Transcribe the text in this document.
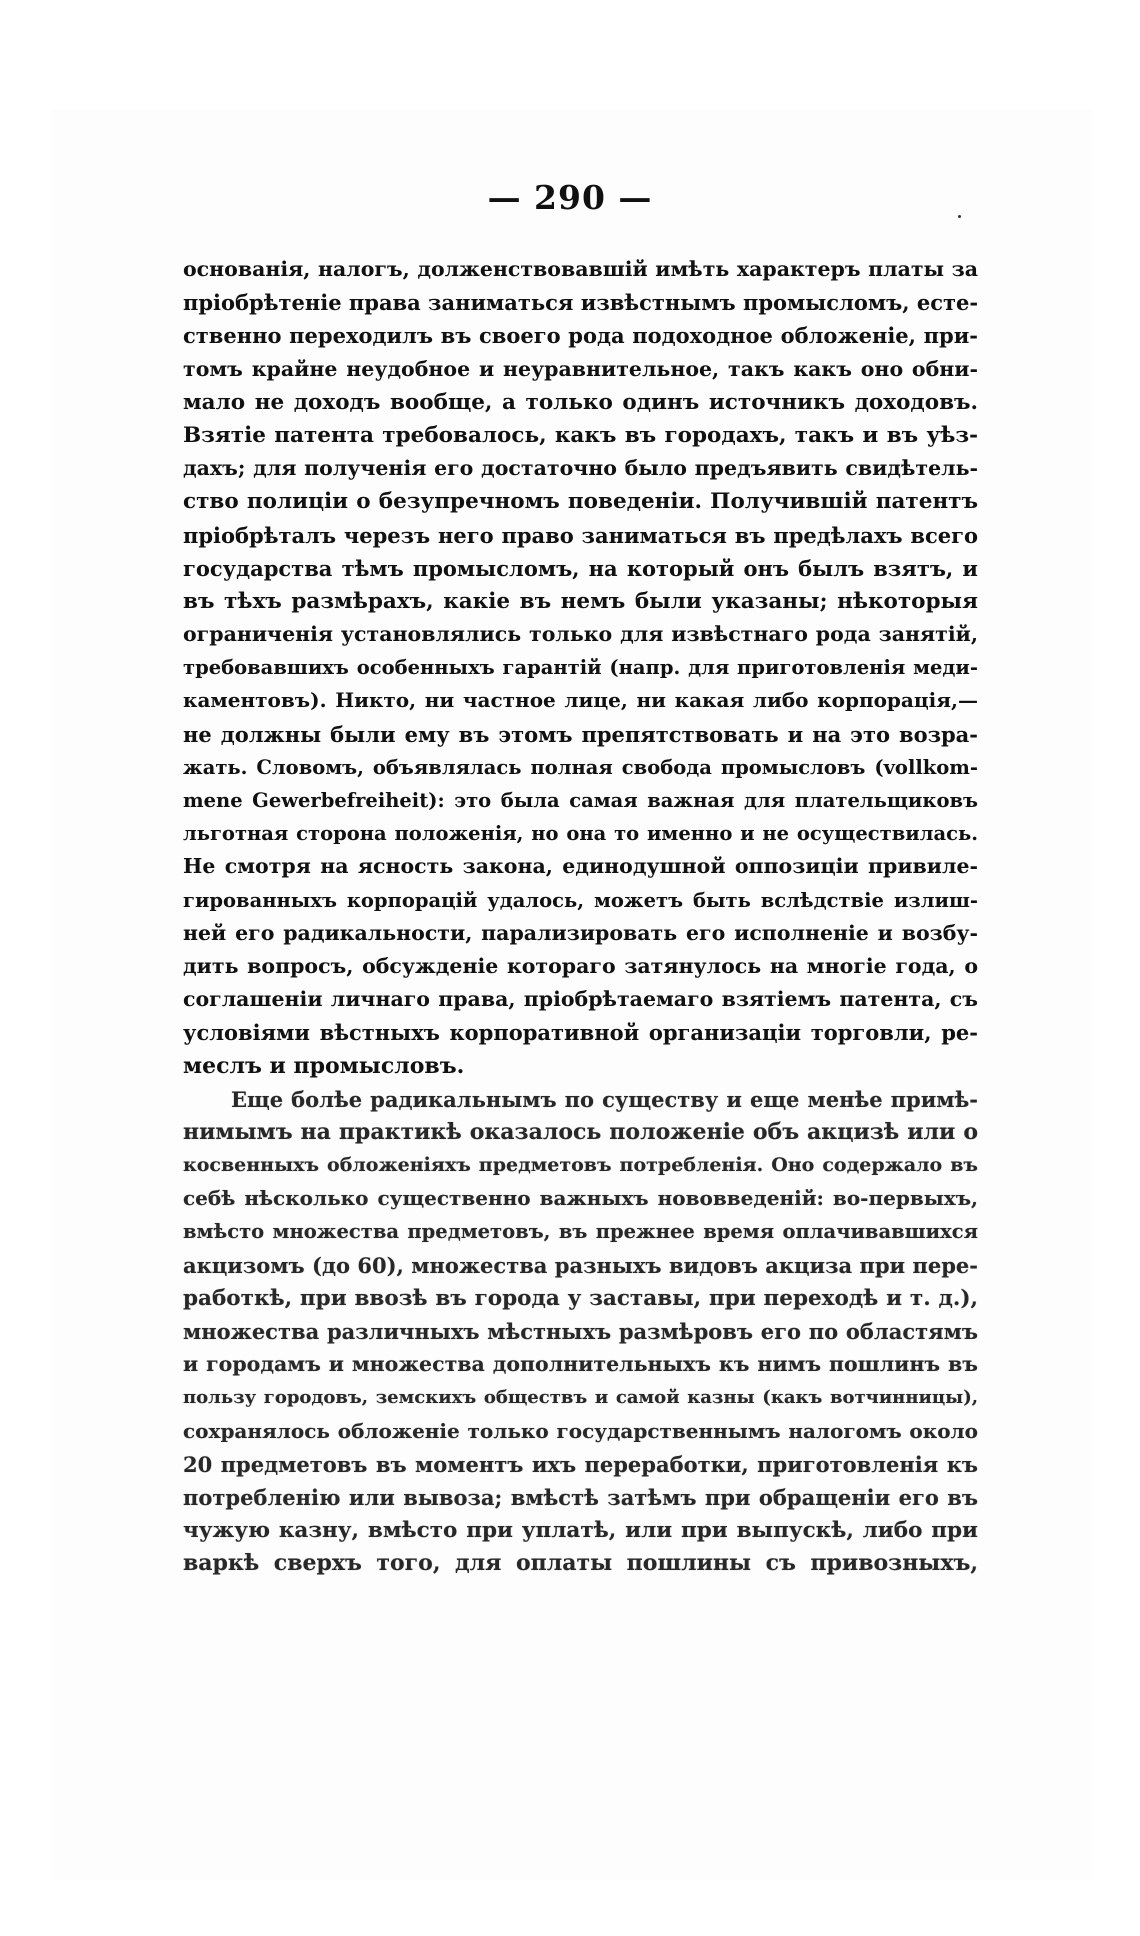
— 290 —
основанія, налогъ, долженствовавшій имѣть характеръ платы за
пріобрѣтеніе права заниматься извѣстнымъ промысломъ, есте-
ственно переходилъ въ своего рода подоходное обложеніе, при-
томъ крайне неудобное и неуравнительное, такъ какъ оно обни-
мало не доходъ вообще, а только одинъ источникъ доходовъ.
Взятіе патента требовалось, какъ въ городахъ, такъ и въ уѣз-
дахъ; для полученія его достаточно было предъявить свидѣтель-
ство полиціи о безупречномъ поведеніи. Получившій патентъ
пріобрѣталъ черезъ него право заниматься въ предѣлахъ всего
государства тѣмъ промысломъ, на который онъ былъ взятъ, и
въ тѣхъ размѣрахъ, какіе въ немъ были указаны; нѣкоторыя
ограниченія установлялись только для извѣстнаго рода занятій,
требовавшихъ особенныхъ гарантій (напр. для приготовленія меди-
каментовъ). Никто, ни частное лице, ни какая либо корпорація,—
не должны были ему въ этомъ препятствовать и на это возра-
жать. Словомъ, объявлялась полная свобода промысловъ (vollkom-
mene Gewerbefreiheit): это была самая важная для плательщиковъ
льготная сторона положенія, но она то именно и не осуществилась.
Не смотря на ясность закона, единодушной оппозиціи привиле-
гированныхъ корпорацій удалось, можетъ быть вслѣдствіе излиш-
ней его радикальности, парализировать его исполненіе и возбу-
дить вопросъ, обсужденіе котораго затянулось на многіе года, о
соглашеніи личнаго права, пріобрѣтаемаго взятіемъ патента, съ
условіями вѣстныхъ корпоративной организаціи торговли, ре-
меслъ и промысловъ.
Еще болѣе радикальнымъ по существу и еще менѣе примѣ-
нимымъ на практикѣ оказалось положеніе объ акцизѣ или о
косвенныхъ обложеніяхъ предметовъ потребленія. Оно содержало въ
себѣ нѣсколько существенно важныхъ нововведеній: во-первыхъ,
вмѣсто множества предметовъ, въ прежнее время оплачивавшихся
акцизомъ (до 60), множества разныхъ видовъ акциза при пере-
работкѣ, при ввозѣ въ города у заставы, при переходѣ и т. д.),
множества различныхъ мѣстныхъ размѣровъ его по областямъ
и городамъ и множества дополнительныхъ къ нимъ пошлинъ въ
пользу городовъ, земскихъ обществъ и самой казны (какъ вотчинницы),
сохранялось обложеніе только государственнымъ налогомъ около
20 предметовъ въ моментъ ихъ переработки, приготовленія къ
потребленію или вывоза; вмѣстѣ затѣмъ при обращеніи его въ
чужую казну, вмѣсто при уплатѣ, или при выпускѣ, либо при
варкѣ сверхъ того, для оплаты пошлины съ привозныхъ,
